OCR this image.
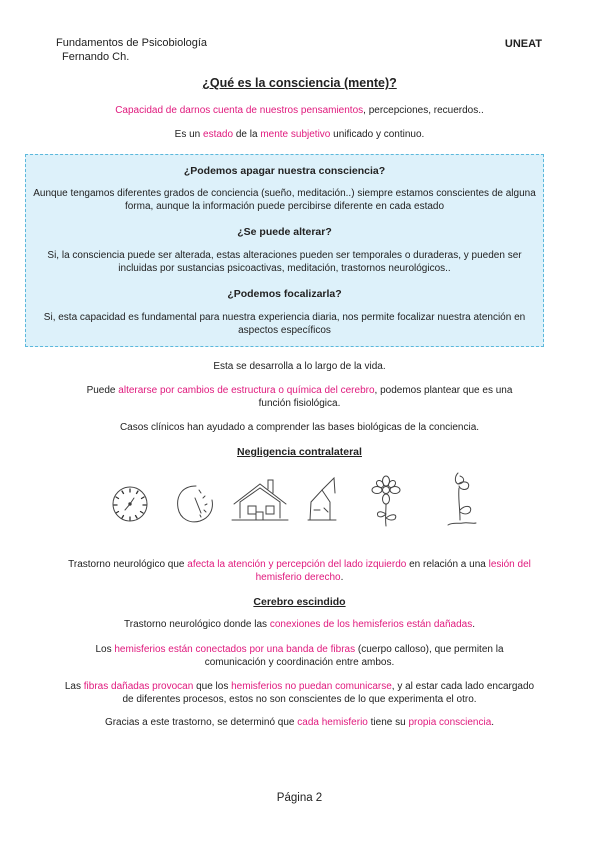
Fundamentos de Psicobiología
Fernando Ch.
UNEAT
¿Qué es la consciencia (mente)?
Capacidad de darnos cuenta de nuestros pensamientos, percepciones, recuerdos..
Es un estado de la mente subjetivo unificado y continuo.
¿Podemos apagar nuestra consciencia?
Aunque tengamos diferentes grados de conciencia (sueño, meditación..) siempre estamos conscientes de alguna forma, aunque la información puede percibirse diferente en cada estado
¿Se puede alterar?
Si, la consciencia puede ser alterada, estas alteraciones pueden ser temporales o duraderas, y pueden ser incluidas por sustancias psicoactivas, meditación, trastornos neurológicos..
¿Podemos focalizarla?
Si, esta capacidad es fundamental para nuestra experiencia diaria, nos permite focalizar nuestra atención en aspectos específicos
Esta se desarrolla a lo largo de la vida.
Puede alterarse por cambios de estructura o química del cerebro, podemos plantear que es una función fisiológica.
Casos clínicos han ayudado a comprender las bases biológicas de la conciencia.
Negligencia contralateral
Trastorno neurológico que afecta la atención y percepción del lado izquierdo en relación a una lesión del hemisferio derecho.
Cerebro escindido
Trastorno neurológico donde las conexiones de los hemisferios están dañadas.
Los hemisferios están conectados por una banda de fibras (cuerpo calloso), que permiten la comunicación y coordinación entre ambos.
Las fibras dañadas provocan que los hemisferios no puedan comunicarse, y al estar cada lado encargado de diferentes procesos, estos no son conscientes de lo que experimenta el otro.
Gracias a este trastorno, se determinó que cada hemisferio tiene su propia consciencia.
Página 2
